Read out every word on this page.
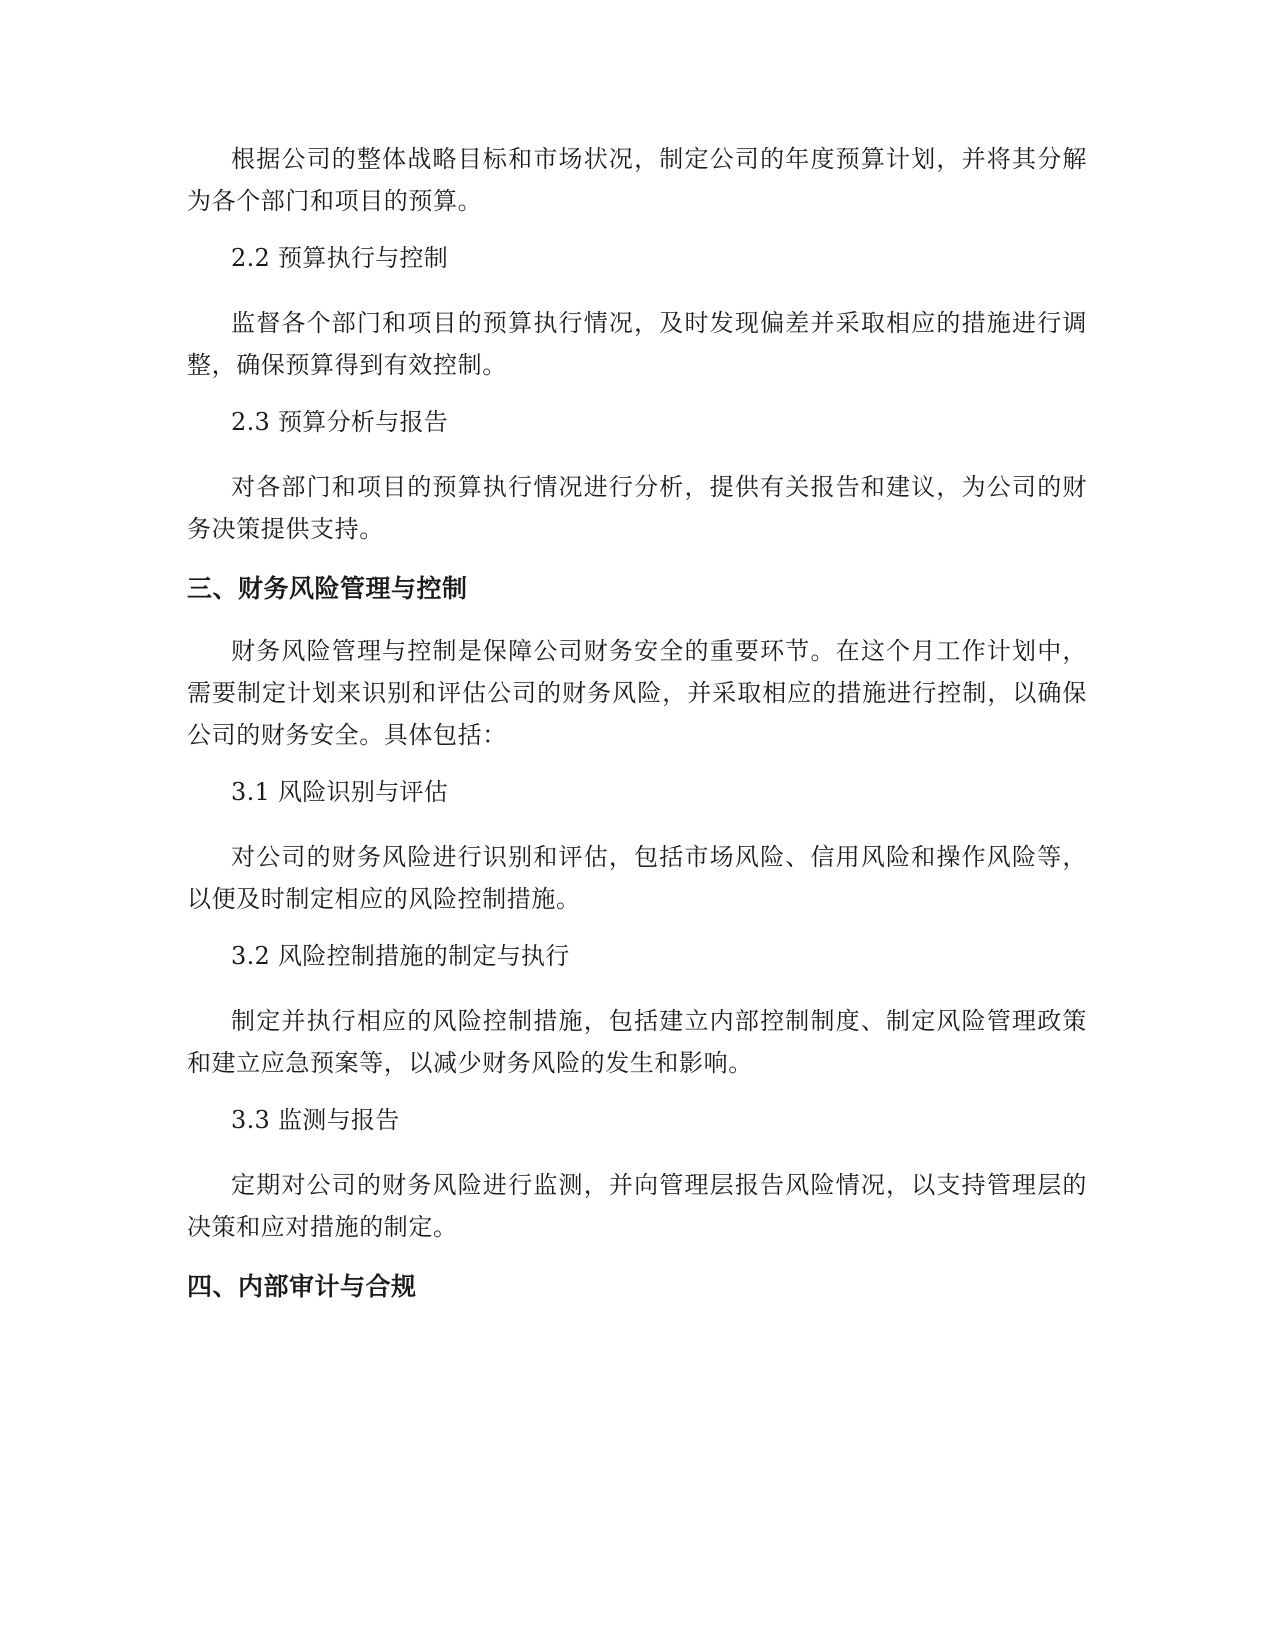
根据公司的整体战略目标和市场状况，制定公司的年度预算计划，并将其分解为各个部门和项目的预算。

2.2 预算执行与控制

监督各个部门和项目的预算执行情况，及时发现偏差并采取相应的措施进行调整，确保预算得到有效控制。

2.3 预算分析与报告

对各部门和项目的预算执行情况进行分析，提供有关报告和建议，为公司的财务决策提供支持。

三、财务风险管理与控制

财务风险管理与控制是保障公司财务安全的重要环节。在这个月工作计划中，需要制定计划来识别和评估公司的财务风险，并采取相应的措施进行控制，以确保公司的财务安全。具体包括：

3.1 风险识别与评估

对公司的财务风险进行识别和评估，包括市场风险、信用风险和操作风险等，以便及时制定相应的风险控制措施。

3.2 风险控制措施的制定与执行

制定并执行相应的风险控制措施，包括建立内部控制制度、制定风险管理政策和建立应急预案等，以减少财务风险的发生和影响。

3.3 监测与报告

定期对公司的财务风险进行监测，并向管理层报告风险情况，以支持管理层的决策和应对措施的制定。

四、内部审计与合规
